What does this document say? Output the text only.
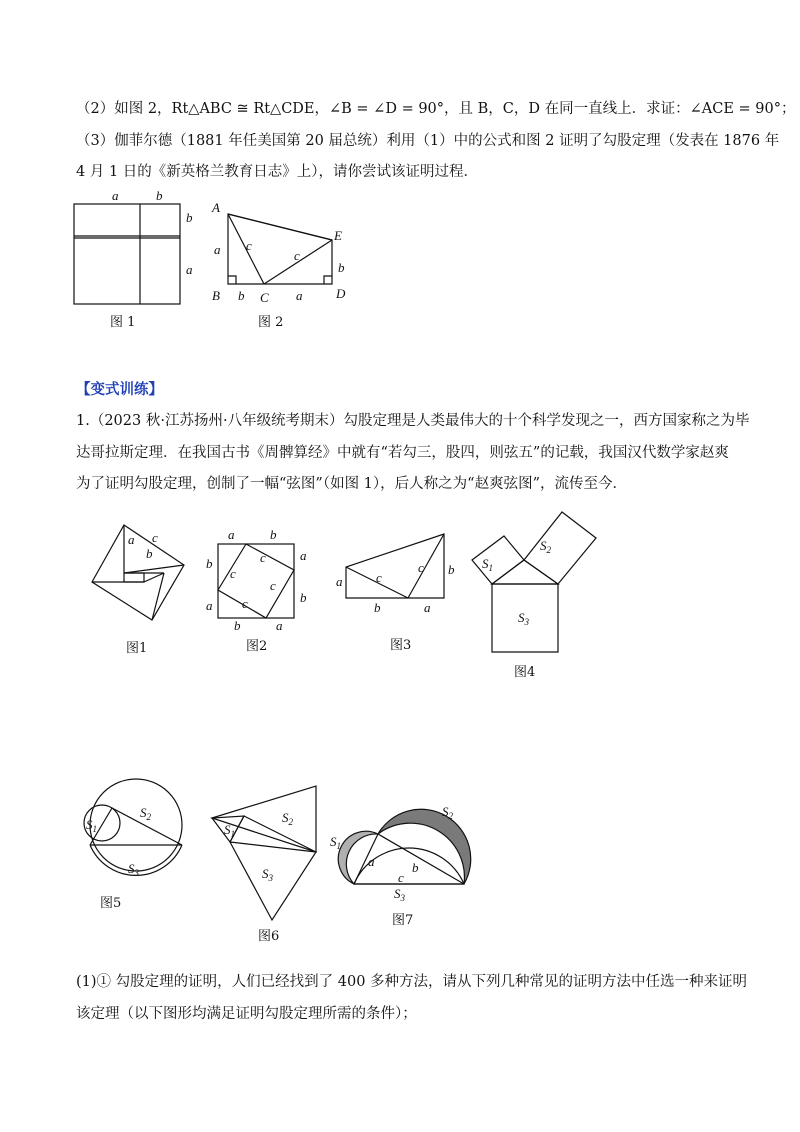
（2）如图 2，Rt△ABC ≅ Rt△CDE，∠B = ∠D = 90°，且 B，C，D 在同一直线上．求证：∠ACE = 90°；
（3）伽菲尔德（1881 年任美国第 20 届总统）利用（1）中的公式和图 2 证明了勾股定理（发表在 1876 年
4 月 1 日的《新英格兰教育日志》上），请你尝试该证明过程．
a	b
b
a
图 1
A
B	C	D
E
a
b	a
b
c
c
图 2
【变式训练】
1.（2023 秋·江苏扬州·八年级统考期末）勾股定理是人类最伟大的十个科学发现之一，西方国家称之为毕
达哥拉斯定理．在我国古书《周髀算经》中就有“若勾三，股四，则弦五”的记载，我国汉代数学家赵爽
为了证明勾股定理，创制了一幅“弦图”（如图 1），后人称之为“赵爽弦图”，流传至今．
a c
b
图1
a	b
a
b
b
a
b	a
c
c
c
c
图2
a
b	a
b
c
c
图3
$S_1$
$S_2$
$S_3$
图4
$S_1$
$S_2$
$S_3$
图5
$S_1$
$S_2$
$S_3$
图6
$S_1$
$S_2$
a	b
c
$S_3$
图7
(1)① 勾股定理的证明，人们已经找到了 400 多种方法，请从下列几种常见的证明方法中任选一种来证明
该定理（以下图形均满足证明勾股定理所需的条件）；
